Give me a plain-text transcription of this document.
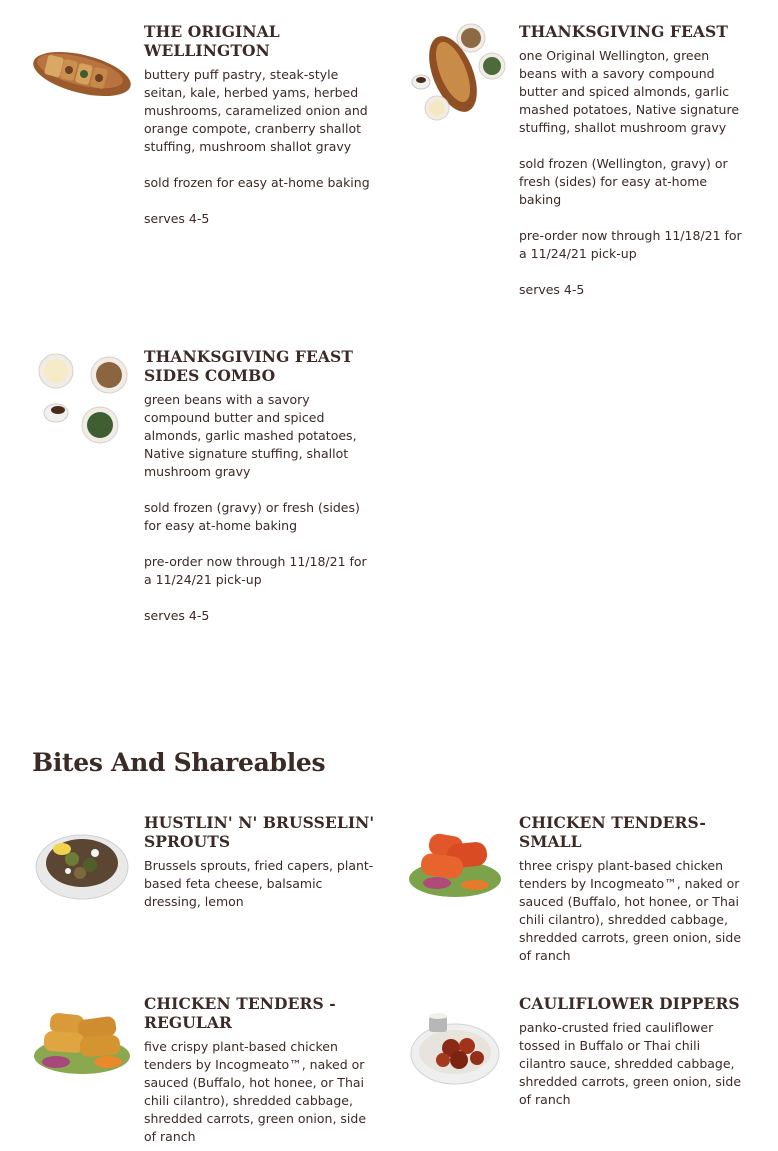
THE ORIGINAL WELLINGTON

buttery puff pastry, steak-style seitan, kale, herbed yams, herbed mushrooms, caramelized onion and orange compote, cranberry shallot stuffing, mushroom shallot gravy

sold frozen for easy at-home baking

serves 4-5

THANKSGIVING FEAST

one Original Wellington, green beans with a savory compound butter and spiced almonds, garlic mashed potatoes, Native signature stuffing, shallot mushroom gravy

sold frozen (Wellington, gravy) or fresh (sides) for easy at-home baking

pre-order now through 11/18/21 for a 11/24/21 pick-up

serves 4-5

THANKSGIVING FEAST SIDES COMBO

green beans with a savory compound butter and spiced almonds, garlic mashed potatoes, Native signature stuffing, shallot mushroom gravy

sold frozen (gravy) or fresh (sides) for easy at-home baking

pre-order now through 11/18/21 for a 11/24/21 pick-up

serves 4-5

Bites And Shareables
HUSTLIN' N' BRUSSELIN' SPROUTS

Brussels sprouts, fried capers, plant-based feta cheese, balsamic dressing, lemon

CHICKEN TENDERS- SMALL

three crispy plant-based chicken tenders by Incogmeato™, naked or sauced (Buffalo, hot honee, or Thai chili cilantro), shredded cabbage, shredded carrots, green onion, side of ranch

CHICKEN TENDERS - REGULAR

five crispy plant-based chicken tenders by Incogmeato™, naked or sauced (Buffalo, hot honee, or Thai chili cilantro), shredded cabbage, shredded carrots, green onion, side of ranch

CAULIFLOWER DIPPERS

panko-crusted fried cauliflower tossed in Buffalo or Thai chili cilantro sauce, shredded cabbage, shredded carrots, green onion, side of ranch
